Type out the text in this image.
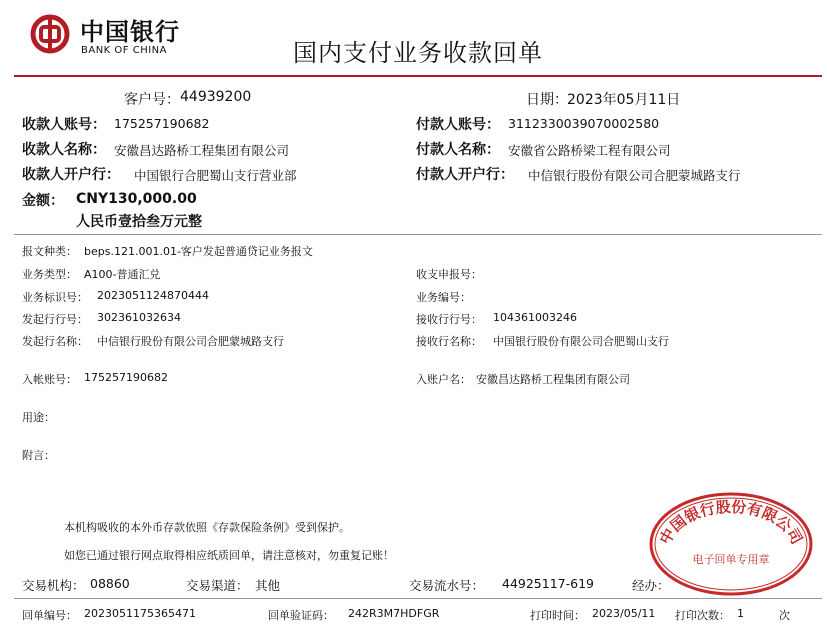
中国银行
BANK OF CHINA	国内支付业务收款回单
客户号： 44939200	日期： 2023年05月11日
收款人账号： 175257190682	付款人账号： 3112330039070002580
收款人名称： 安徽昌达路桥工程集团有限公司	付款人名称： 安徽省公路桥梁工程有限公司
收款人开户行： 中国银行合肥蜀山支行营业部	付款人开户行： 中信银行股份有限公司合肥蒙城路支行
金额： CNY130,000.00
人民币壹拾叁万元整
报文种类： beps.121.001.01-客户发起普通贷记业务报文
业务类型： A100-普通汇兑	收支申报号：
业务标识号： 2023051124870444	业务编号：
发起行行号： 302361032634	接收行行号： 104361003246
发起行名称： 中信银行股份有限公司合肥蒙城路支行	接收行名称： 中国银行股份有限公司合肥蜀山支行
入帐账号： 175257190682	入账户名： 安徽昌达路桥工程集团有限公司
用途：
附言：
本机构吸收的本外币存款依照《存款保险条例》受到保护。
如您已通过银行网点取得相应纸质回单，请注意核对，勿重复记账！
中国银行股份有限公司
电子回单专用章
交易机构： 08860	交易渠道： 其他	交易流水号： 44925117-619	经办：
回单编号： 2023051175365471	回单验证码： 242R3M7HDFGR	打印时间： 2023/05/11 打印次数： 1	次
